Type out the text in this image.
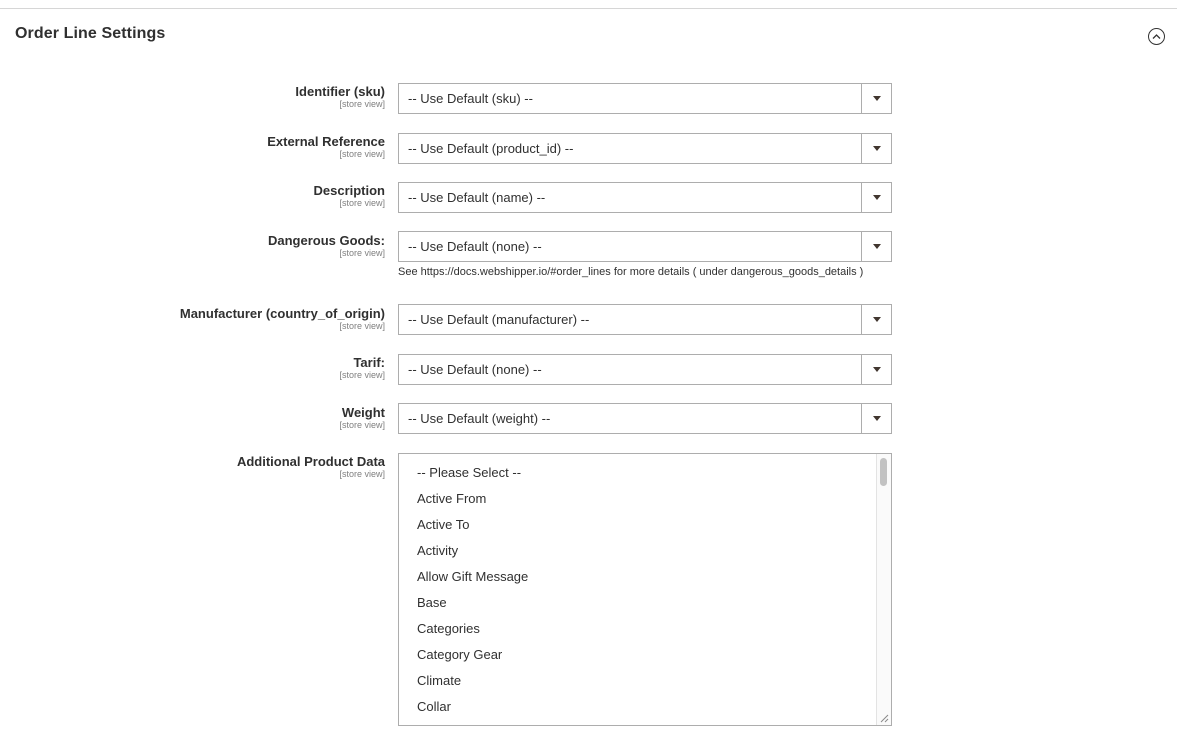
Order Line Settings
Identifier (sku)
[store view] -- Use Default (sku) --
External Reference
[store view] -- Use Default (product_id) --
Description
[store view] -- Use Default (name) --
Dangerous Goods:
[store view] -- Use Default (none) --
See https://docs.webshipper.io/#order_lines for more details ( under dangerous_goods_details )
Manufacturer (country_of_origin)
[store view] -- Use Default (manufacturer) --
Tarif:
[store view] -- Use Default (none) --
Weight
[store view] -- Use Default (weight) --
Additional Product Data
[store view] -- Please Select --
Active From
Active To
Activity
Allow Gift Message
Base
Categories
Category Gear
Climate
Collar
